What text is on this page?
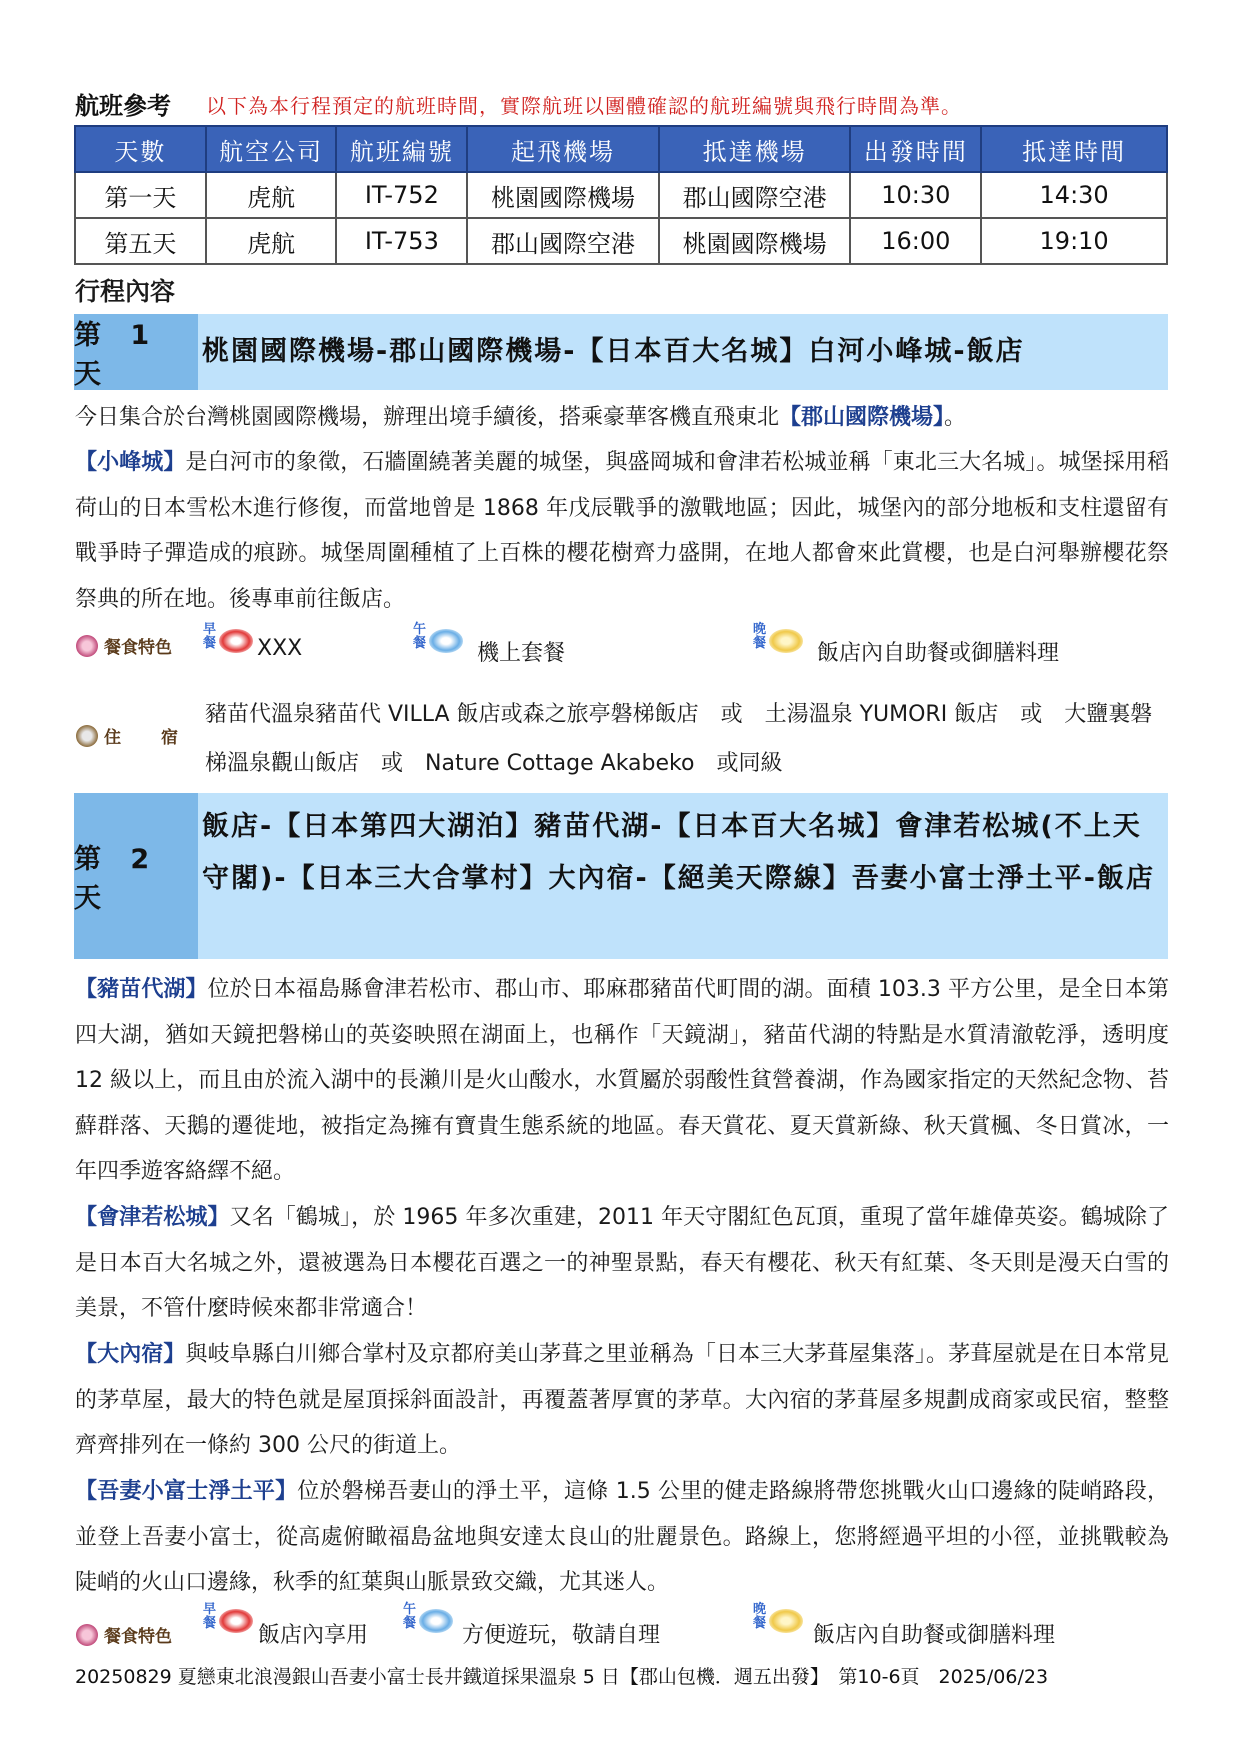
航班參考 以下為本行程預定的航班時間，實際航班以團體確認的航班編號與飛行時間為準。
天數	航空公司	航班編號	起飛機場	抵達機場	出發時間	抵達時間
第一天	虎航	IT-752	桃園國際機場	郡山國際空港	10:30	14:30
第五天	虎航	IT-753	郡山國際空港	桃園國際機場	16:00	19:10
行程內容
第 1 天
桃園國際機場-郡山國際機場-【日本百大名城】白河小峰城-飯店
今日集合於台灣桃園國際機場，辦理出境手續後，搭乘豪華客機直飛東北【郡山國際機場】。
【小峰城】是白河市的象徵，石牆圍繞著美麗的城堡，與盛岡城和會津若松城並稱「東北三大名城」。城堡採用稻荷山的日本雪松木進行修復，而當地曾是 1868 年戊辰戰爭的激戰地區；因此，城堡內的部分地板和支柱還留有戰爭時子彈造成的痕跡。城堡周圍種植了上百株的櫻花樹齊力盛開，在地人都會來此賞櫻，也是白河舉辦櫻花祭祭典的所在地。後專車前往飯店。
餐食特色
早餐 XXX
午餐 機上套餐
晚餐 飯店內自助餐或御膳料理
住 宿
豬苗代溫泉豬苗代 VILLA 飯店或森之旅亭磐梯飯店　或　土湯溫泉 YUMORI 飯店　或　大鹽裏磐梯溫泉觀山飯店　或　Nature Cottage Akabeko　或同級
第 2 天
飯店-【日本第四大湖泊】豬苗代湖-【日本百大名城】會津若松城(不上天守閣)-【日本三大合掌村】大內宿-【絕美天際線】吾妻小富士淨土平-飯店
【豬苗代湖】位於日本福島縣會津若松市、郡山市、耶麻郡豬苗代町間的湖。面積 103.3 平方公里，是全日本第四大湖，猶如天鏡把磐梯山的英姿映照在湖面上，也稱作「天鏡湖」，豬苗代湖的特點是水質清澈乾淨，透明度 12 級以上，而且由於流入湖中的長瀨川是火山酸水，水質屬於弱酸性貧營養湖，作為國家指定的天然紀念物、苔蘚群落、天鵝的遷徙地，被指定為擁有寶貴生態系統的地區。春天賞花、夏天賞新綠、秋天賞楓、冬日賞冰，一年四季遊客絡繹不絕。
【會津若松城】又名「鶴城」，於 1965 年多次重建，2011 年天守閣紅色瓦頂，重現了當年雄偉英姿。鶴城除了是日本百大名城之外，還被選為日本櫻花百選之一的神聖景點，春天有櫻花、秋天有紅葉、冬天則是漫天白雪的美景，不管什麼時候來都非常適合！
【大內宿】與岐阜縣白川鄉合掌村及京都府美山茅葺之里並稱為「日本三大茅葺屋集落」。茅葺屋就是在日本常見的茅草屋，最大的特色就是屋頂採斜面設計，再覆蓋著厚實的茅草。大內宿的茅葺屋多規劃成商家或民宿，整整齊齊排列在一條約 300 公尺的街道上。
【吾妻小富士淨土平】位於磐梯吾妻山的淨土平，這條 1.5 公里的健走路線將帶您挑戰火山口邊緣的陡峭路段，並登上吾妻小富士，從高處俯瞰福島盆地與安達太良山的壯麗景色。路線上，您將經過平坦的小徑，並挑戰較為陡峭的火山口邊緣，秋季的紅葉與山脈景致交織，尤其迷人。
餐食特色
早餐 飯店內享用
午餐 方便遊玩，敬請自理
晚餐 飯店內自助餐或御膳料理
20250829 夏戀東北浪漫銀山吾妻小富士長井鐵道採果溫泉 5 日【郡山包機．週五出發】　第10-6頁　2025/06/23
